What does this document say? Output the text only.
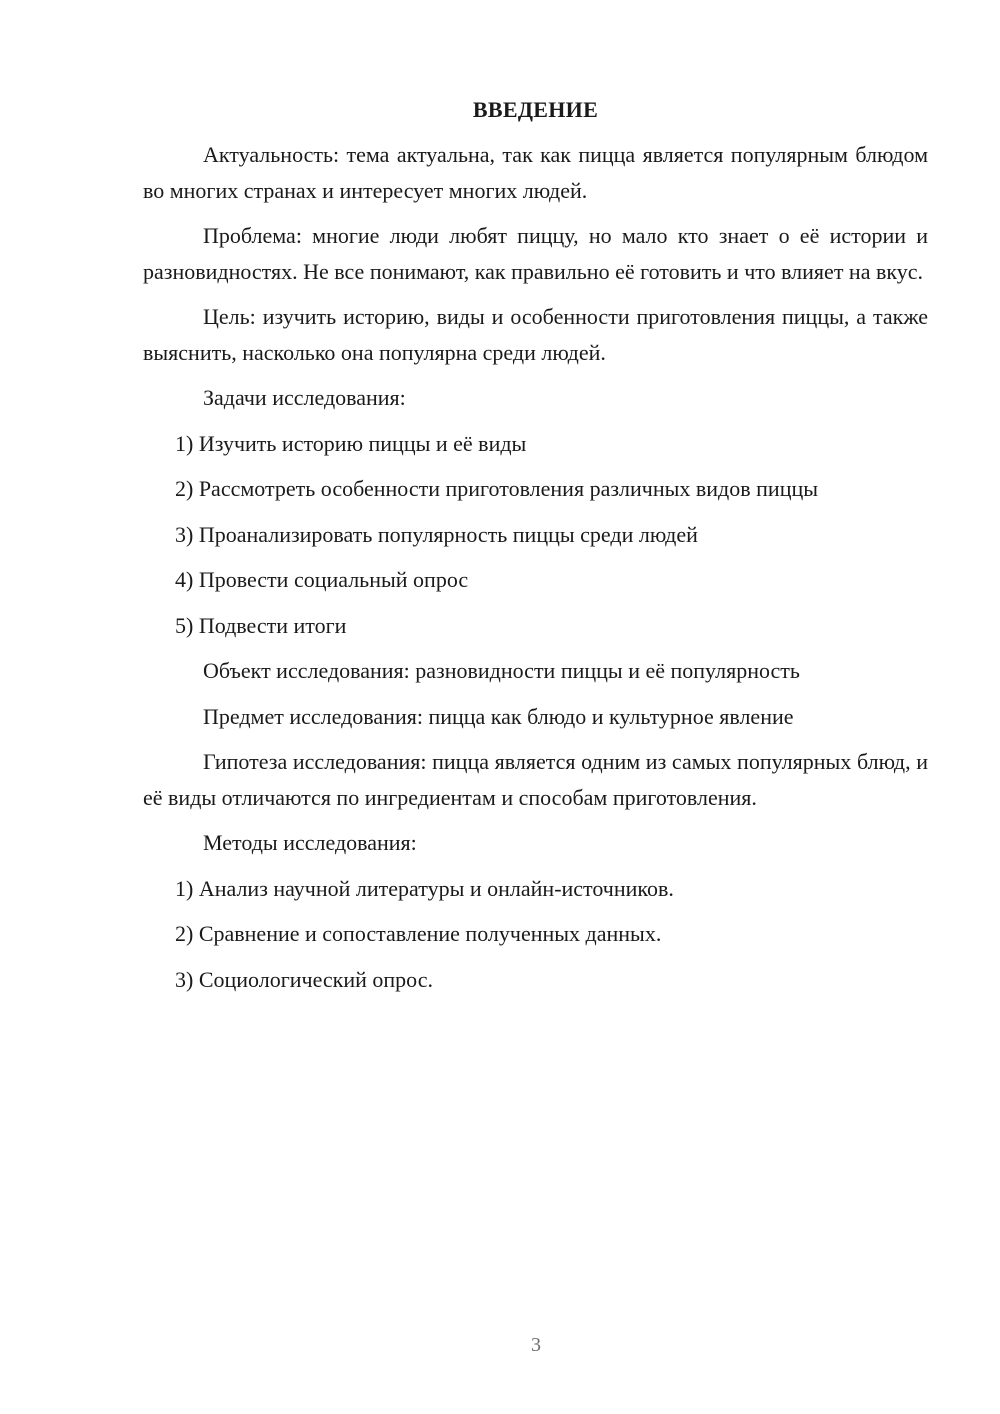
ВВЕДЕНИЕ

Актуальность: тема актуальна, так как пицца является популярным блюдом во многих странах и интересует многих людей.

Проблема: многие люди любят пиццу, но мало кто знает о её истории и разновидностях. Не все понимают, как правильно её готовить и что влияет на вкус.

Цель: изучить историю, виды и особенности приготовления пиццы, а также выяснить, насколько она популярна среди людей.

Задачи исследования:
1) Изучить историю пиццы и её виды
2) Рассмотреть особенности приготовления различных видов пиццы
3) Проанализировать популярность пиццы среди людей
4) Провести социальный опрос
5) Подвести итоги
Объект исследования: разновидности пиццы и её популярность
Предмет исследования: пицца как блюдо и культурное явление

Гипотеза исследования: пицца является одним из самых популярных блюд, и её виды отличаются по ингредиентам и способам приготовления.

Методы исследования:
1) Анализ научной литературы и онлайн-источников.
2) Сравнение и сопоставление полученных данных.
3) Социологический опрос.
3
